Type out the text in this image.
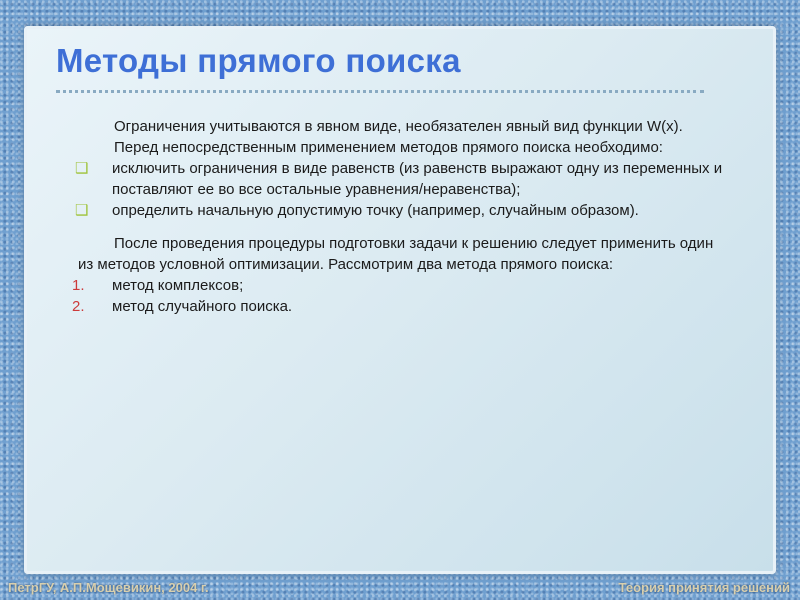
Методы прямого поиска

Ограничения учитываются в явном виде, необязателен явный вид функции W(x).

Перед непосредственным применением методов прямого поиска необходимо:

❑	исключить ограничения в виде равенств (из равенств выражают одну из переменных и поставляют ее во все остальные уравнения/неравенства);
❑	определить начальную допустимую точку (например, случайным образом).

После проведения процедуры подготовки задачи к решению следует применить один из методов условной оптимизации. Рассмотрим два метода прямого поиска:

1.	метод комплексов;
2.	метод случайного поиска.
ПетрГУ, А.П.Мощевикин, 2004 г.	Теория принятия решений
